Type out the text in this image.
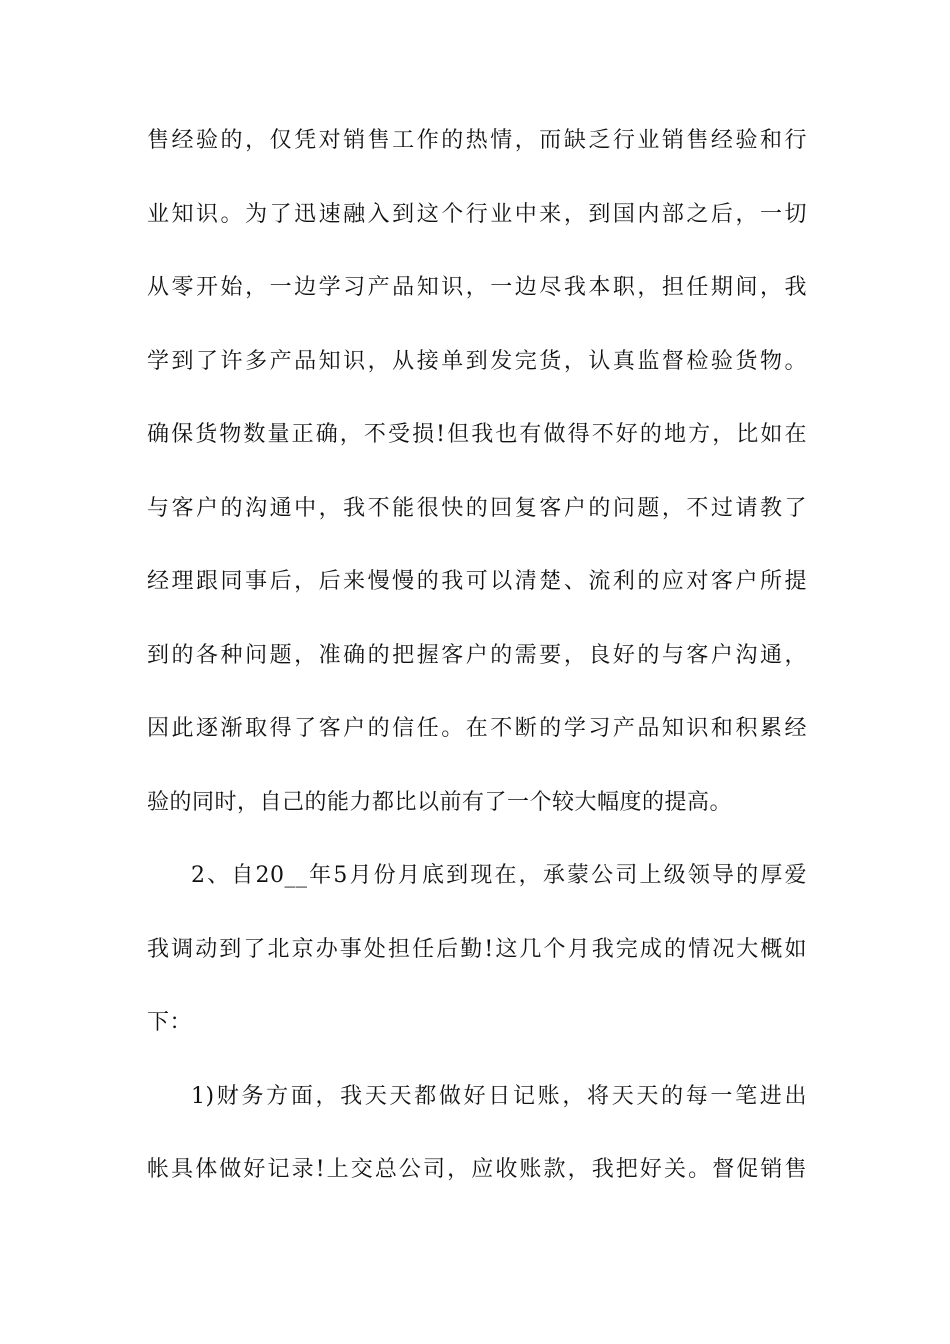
售经验的，仅凭对销售工作的热情，而缺乏行业销售经验和行
业知识。为了迅速融入到这个行业中来，到国内部之后，一切
从零开始，一边学习产品知识，一边尽我本职，担任期间，我
学到了许多产品知识，从接单到发完货，认真监督检验货物。
确保货物数量正确，不受损!但我也有做得不好的地方，比如在
与客户的沟通中，我不能很快的回复客户的问题，不过请教了
经理跟同事后，后来慢慢的我可以清楚、流利的应对客户所提
到的各种问题，准确的把握客户的需要，良好的与客户沟通，
因此逐渐取得了客户的信任。在不断的学习产品知识和积累经
验的同时，自己的能力都比以前有了一个较大幅度的提高。
2、自20__年5月份月底到现在，承蒙公司上级领导的厚爱
我调动到了北京办事处担任后勤!这几个月我完成的情况大概如
下：
1)财务方面，我天天都做好日记账，将天天的每一笔进出
帐具体做好记录!上交总公司，应收账款，我把好关。督促销售
